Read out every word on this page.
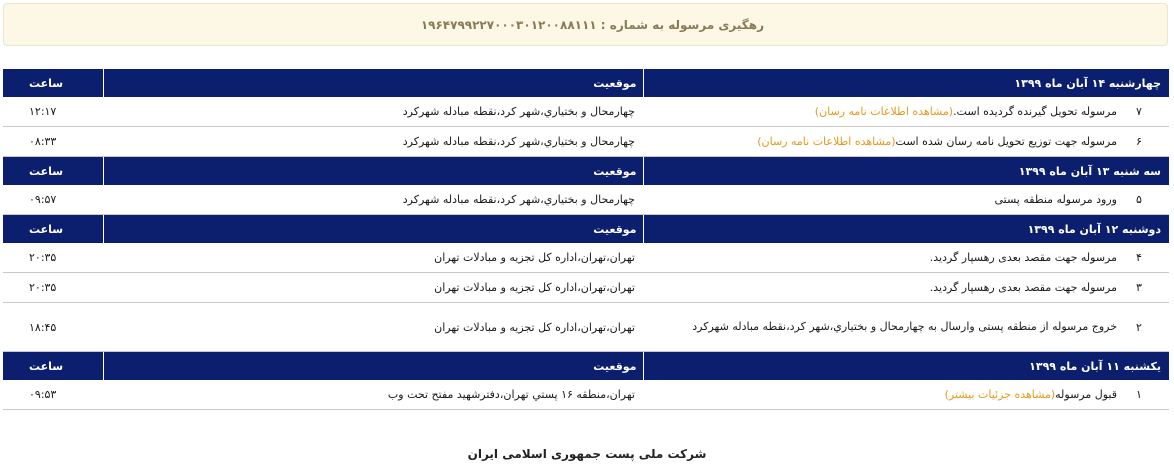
رهگیری مرسوله به شماره : ۱۹۶۴۷۹۹۲۲۷۰۰۰۳۰۱۲۰۰۸۸۱۱۱
چهارشنبه ۱۴ آبان ماه ۱۳۹۹	موقعیت	ساعت

۷
مرسوله تحویل گیرنده گردیده است.(مشاهده اطلاعات نامه رسان)	چهارمحال و بختیاري،شهر کرد،نقطه مبادله شهرکرد	۱۲:۱۷

۶
مرسوله جهت توزیع تحویل نامه رسان شده است(مشاهده اطلاعات نامه رسان)	چهارمحال و بختیاري،شهر کرد،نقطه مبادله شهرکرد	۰۸:۳۳
سه شنبه ۱۳ آبان ماه ۱۳۹۹	موقعیت	ساعت

۵
ورود مرسوله منطقه پستی	چهارمحال و بختیاري،شهر کرد،نقطه مبادله شهرکرد	۰۹:۵۷
دوشنبه ۱۲ آبان ماه ۱۳۹۹	موقعیت	ساعت

۴
مرسوله جهت مقصد بعدی رهسپار گردید.	تهران،تهران،اداره کل تجزیه و مبادلات تهران	۲۰:۳۵

۳
مرسوله جهت مقصد بعدی رهسپار گردید.	تهران،تهران،اداره کل تجزیه و مبادلات تهران	۲۰:۳۵

۲
خروج مرسوله از منطقه پستی وارسال به چهارمحال و بختیاري،شهر کرد،نقطه مبادله شهرکرد	تهران،تهران،اداره کل تجزیه و مبادلات تهران	۱۸:۴۵
یکشنبه ۱۱ آبان ماه ۱۳۹۹	موقعیت	ساعت

۱
قبول مرسوله(مشاهده جزئیات بیشتر)	تهران،منطقه ۱۶ پستي تهران،دفترشهید مفتح تحت وب	۰۹:۵۳
شرکت ملی پست جمهوری اسلامی ایران
